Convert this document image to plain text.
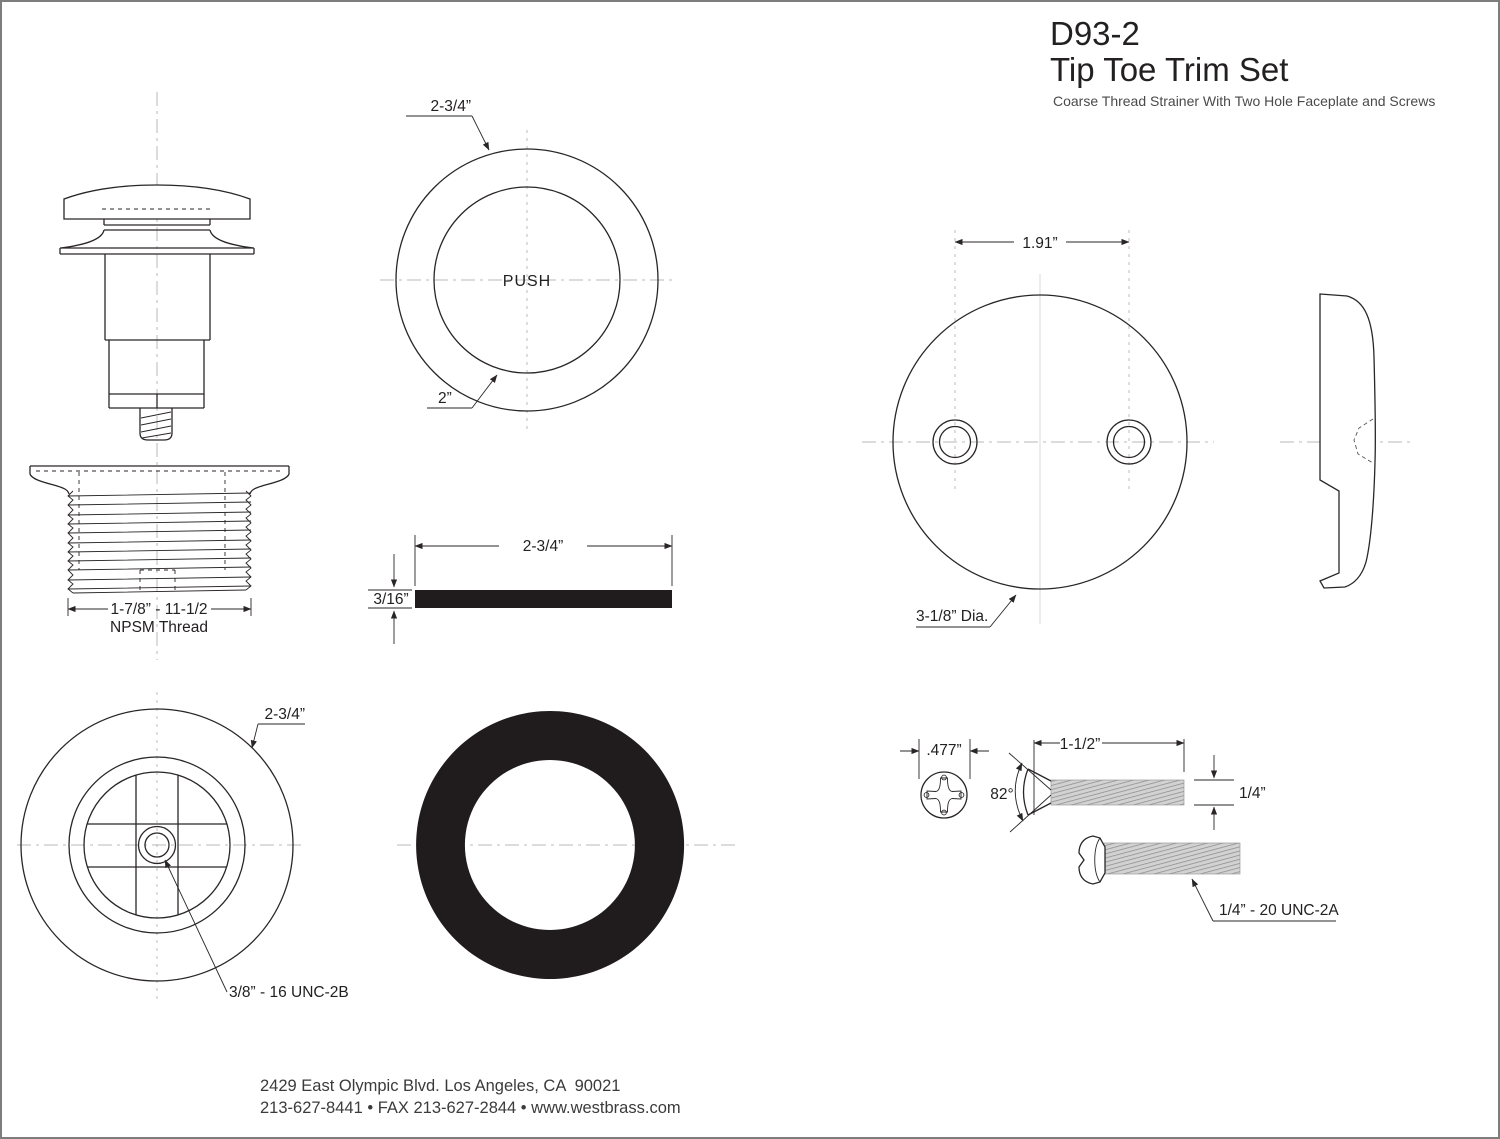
D93-2
Tip Toe Trim Set
Coarse Thread Strainer With Two Hole Faceplate and Screws
1-7/8” - 11-1/2
NPSM Thread
PUSH
2-3/4”
2”
2-3/4”
3/16”
2-3/4”
3/8” - 16 UNC-2B
1.91”
3-1/8” Dia.
.477”	1-1/2”
82°	1/4”
1/4” - 20 UNC-2A
2429 East Olympic Blvd. Los Angeles, CA  90021
213-627-8441 • FAX 213-627-2844 • www.westbrass.com
